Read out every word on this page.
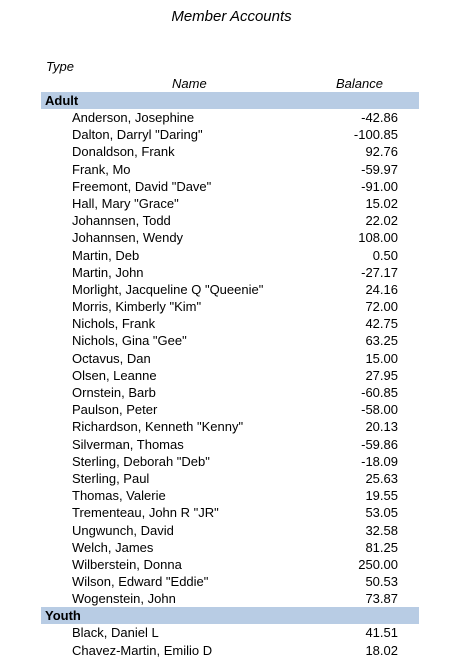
Member Accounts
Type
Name	Balance
Adult
Anderson, Josephine	-42.86
Dalton, Darryl "Daring"	-100.85
Donaldson, Frank	92.76
Frank, Mo	-59.97
Freemont, David "Dave"	-91.00
Hall, Mary "Grace"	15.02
Johannsen, Todd	22.02
Johannsen, Wendy	108.00
Martin, Deb	0.50
Martin, John	-27.17
Morlight, Jacqueline Q "Queenie"	24.16
Morris, Kimberly "Kim"	72.00
Nichols, Frank	42.75
Nichols, Gina "Gee"	63.25
Octavus, Dan	15.00
Olsen, Leanne	27.95
Ornstein, Barb	-60.85
Paulson, Peter	-58.00
Richardson, Kenneth "Kenny"	20.13
Silverman, Thomas	-59.86
Sterling, Deborah "Deb"	-18.09
Sterling, Paul	25.63
Thomas, Valerie	19.55
Trementeau, John R "JR"	53.05
Ungwunch, David	32.58
Welch, James	81.25
Wilberstein, Donna	250.00
Wilson, Edward "Eddie"	50.53
Wogenstein, John	73.87
Youth
Black, Daniel L	41.51
Chavez-Martin, Emilio D	18.02
